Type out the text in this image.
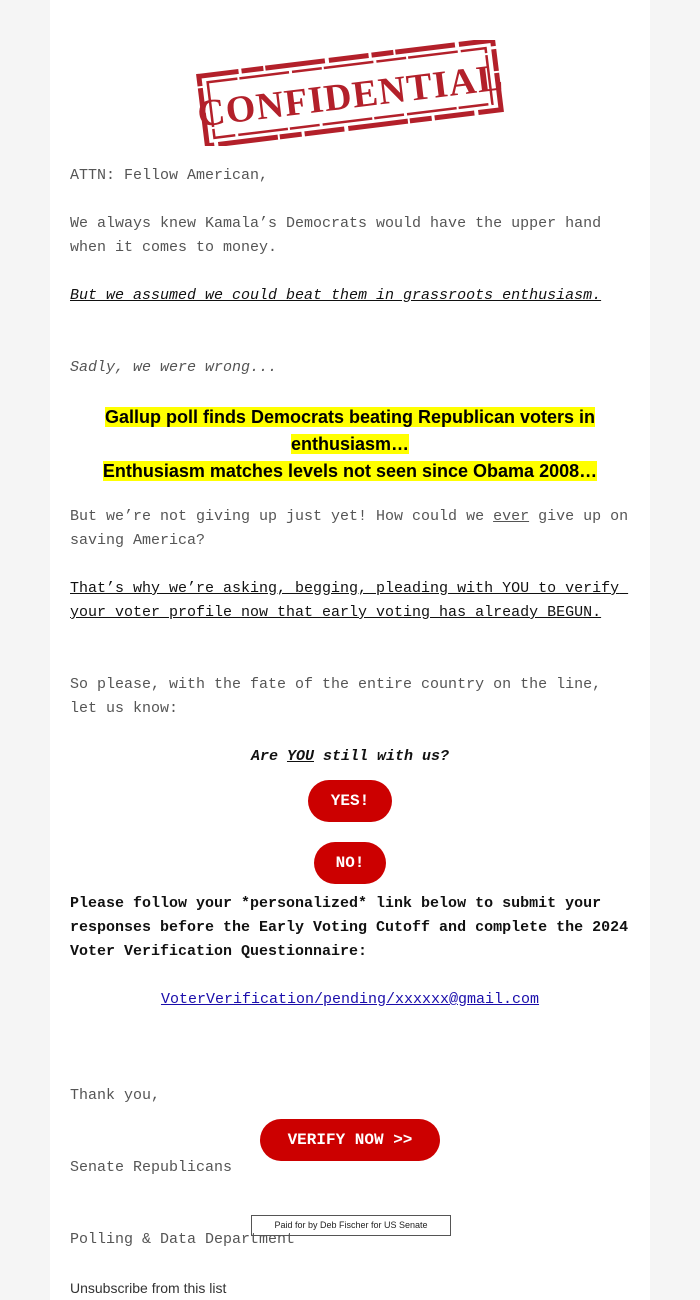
CONFIDENTIAL
ATTN: Fellow American,
We always knew Kamala’s Democrats would have the upper hand when it comes to money.
But we assumed we could beat them in grassroots enthusiasm.
Sadly, we were wrong...
Gallup poll finds Democrats beating Republican voters in enthusiasm…
Enthusiasm matches levels not seen since Obama 2008…
But we’re not giving up just yet! How could we ever give up on saving America?
That’s why we’re asking, begging, pleading with YOU to verify your voter profile now that early voting has already BEGUN.
So please, with the fate of the entire country on the line, let us know:
Are YOU still with us?
YES!
NO!
Please follow your *personalized* link below to submit your responses before the Early Voting Cutoff and complete the 2024 Voter Verification Questionnaire:
VoterVerification/pending/xxxxxx@gmail.com

Thank you,

Senate Republicans

Polling & Data Department

VERIFY NOW >>
Paid for by Deb Fischer for US Senate
Unsubscribe from this list
